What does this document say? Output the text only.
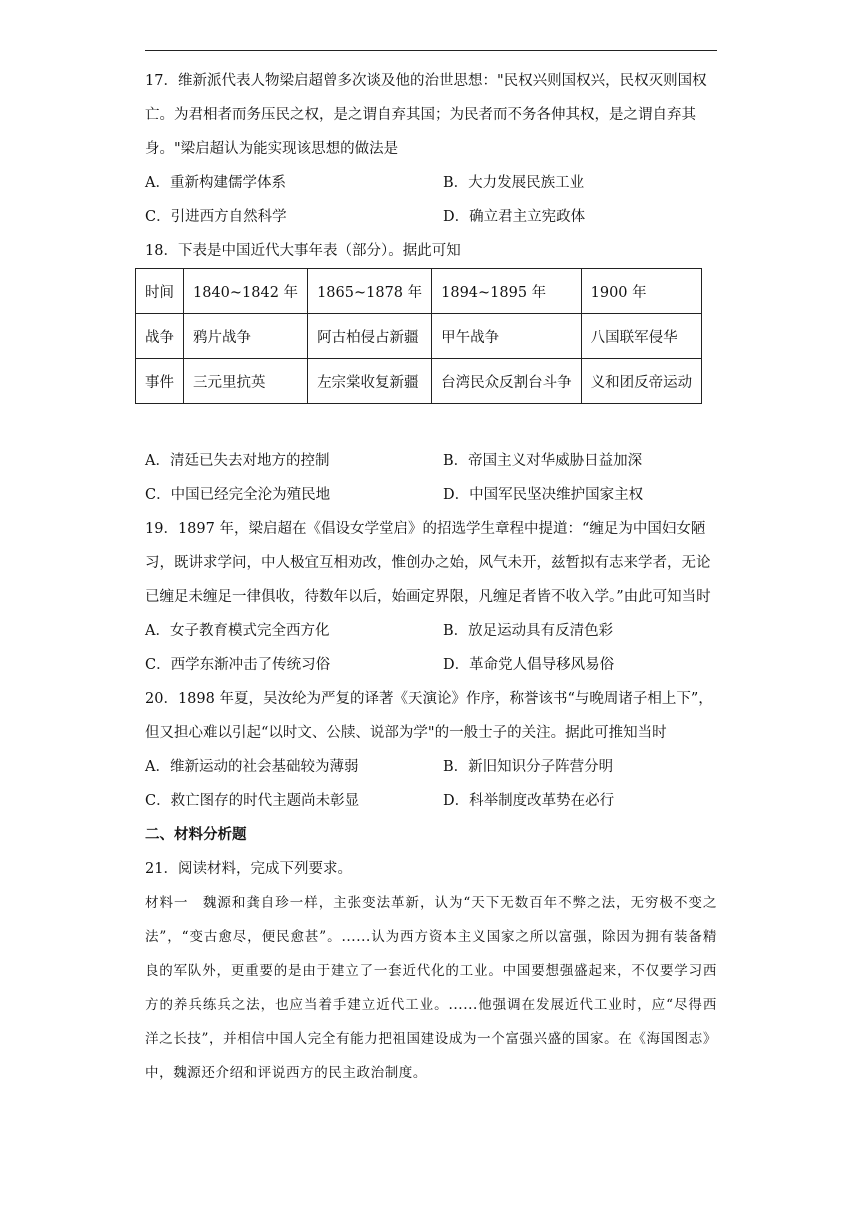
17．维新派代表人物梁启超曾多次谈及他的治世思想："民权兴则国权兴，民权灭则国权亡。为君相者而务压民之权，是之谓自弃其国；为民者而不务各伸其权，是之谓自弃其身。"梁启超认为能实现该思想的做法是

A．重新构建儒学体系	B．大力发展民族工业
C．引进西方自然科学	D．确立君主立宪政体

18．下表是中国近代大事年表（部分）。据此可知

时间	1840~1842 年	1865~1878 年	1894~1895 年	1900 年
战争	鸦片战争	阿古柏侵占新疆	甲午战争	八国联军侵华
事件	三元里抗英	左宗棠收复新疆	台湾民众反割台斗争	义和团反帝运动
A．清廷已失去对地方的控制	B．帝国主义对华威胁日益加深
C．中国已经完全沦为殖民地	D．中国军民坚决维护国家主权

19．1897 年，梁启超在《倡设女学堂启》的招选学生章程中提道：“缠足为中国妇女陋习，既讲求学问，中人极宜互相劝改，惟创办之始，风气未开，兹暂拟有志来学者，无论已缠足未缠足一律俱收，待数年以后，始画定界限，凡缠足者皆不收入学。”由此可知当时

A．女子教育模式完全西方化	B．放足运动具有反清色彩
C．西学东渐冲击了传统习俗	D．革命党人倡导移风易俗

20．1898 年夏，吴汝纶为严复的译著《天演论》作序，称誉该书“与晚周诸子相上下”，但又担心难以引起“以时文、公牍、说部为学"的一般士子的关注。据此可推知当时

A．维新运动的社会基础较为薄弱	B．新旧知识分子阵营分明
C．救亡图存的时代主题尚未彰显	D．科举制度改革势在必行

二、材料分析题

21．阅读材料，完成下列要求。

材料一　魏源和龚自珍一样，主张变法革新，认为“天下无数百年不弊之法，无穷极不变之法”，“变古愈尽，便民愈甚”。......认为西方资本主义国家之所以富强，除因为拥有装备精良的军队外，更重要的是由于建立了一套近代化的工业。中国要想强盛起来，不仅要学习西方的养兵练兵之法，也应当着手建立近代工业。......他强调在发展近代工业时，应“尽得西洋之长技”，并相信中国人完全有能力把祖国建设成为一个富强兴盛的国家。在《海国图志》中，魏源还介绍和评说西方的民主政治制度。
